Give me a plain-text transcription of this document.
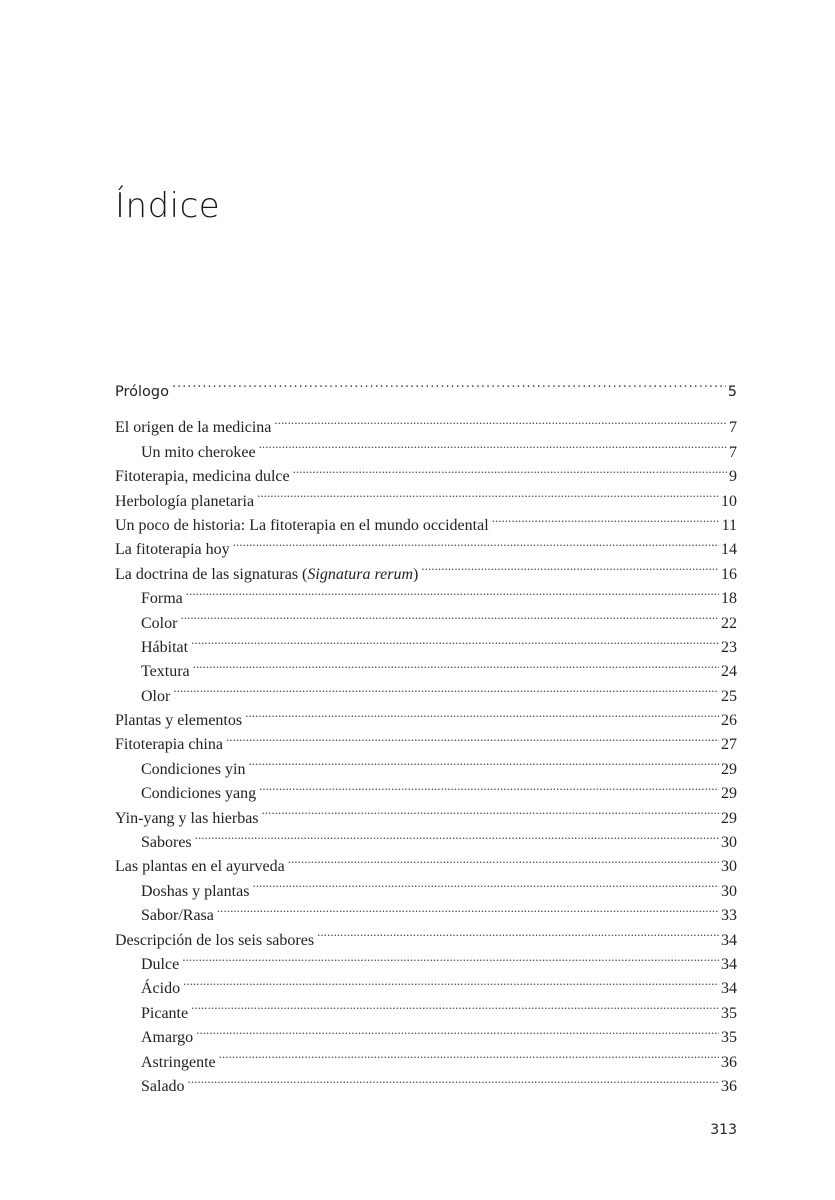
Índice
Prólogo . . .	5
El origen de la medicina . . .	7
Un mito cherokee . . .	7
Fitoterapia, medicina dulce . . .	9
Herbología planetaria . . .	10
Un poco de historia: La fitoterapia en el mundo occidental . . .	11
La fitoterapia hoy . . .	14
La doctrina de las signaturas (Signatura rerum) . . .	16
Forma . . .	18
Color . . .	22
Hábitat . . .	23
Textura . . .	24
Olor . . .	25
Plantas y elementos . . .	26
Fitoterapia china . . .	27
Condiciones yin . . .	29
Condiciones yang . . .	29
Yin-yang y las hierbas . . .	29
Sabores . . .	30
Las plantas en el ayurveda . . .	30
Doshas y plantas . . .	30
Sabor/Rasa . . .	33
Descripción de los seis sabores . . .	34
Dulce . . .	34
Ácido . . .	34
Picante . . .	35
Amargo . . .	35
Astringente . . .	36
Salado . . .	36
313
